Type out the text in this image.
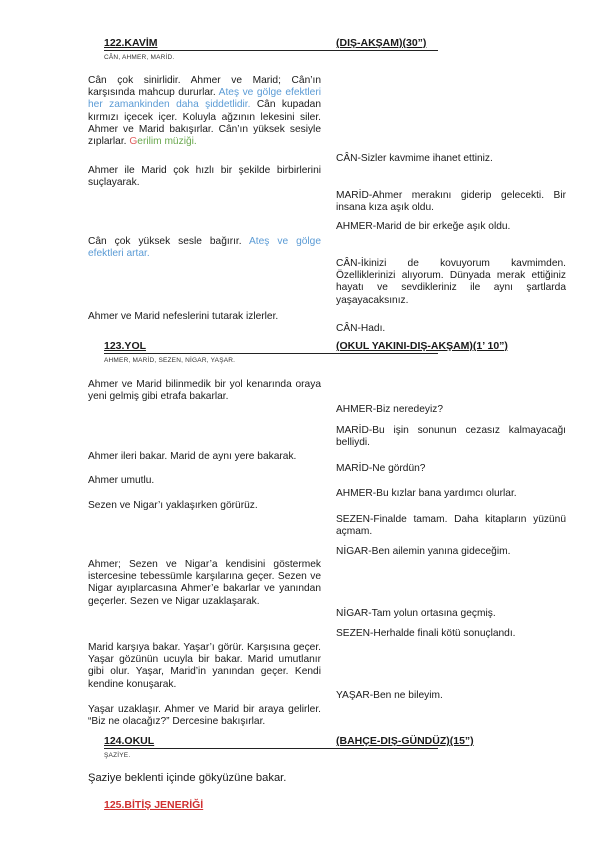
122.KAVİM	(DIŞ-AKŞAM)(30”)
CÂN, AHMER, MARİD.
Cân çok sinirlidir. Ahmer ve Marid; Cân’ın karşısında mahcup dururlar. Ateş ve gölge efektleri her zamankinden daha şiddetlidir. Cân kupadan kırmızı içecek içer. Koluyla ağzının lekesini siler. Ahmer ve Marid bakışırlar. Cân’ın yüksek sesiyle zıplarlar. Gerilim müziği.
Ahmer ile Marid çok hızlı bir şekilde birbirlerini suçlayarak.
Cân çok yüksek sesle bağırır. Ateş ve gölge efektleri artar.
Ahmer ve Marid nefeslerini tutarak izlerler.
CÂN-Sizler kavmime ihanet ettiniz.
MARİD-Ahmer merakını giderip gelecekti. Bir insana kıza aşık oldu.
AHMER-Marid de bir erkeğe aşık oldu.
CÂN-İkinizi de kovuyorum kavmimden. Özelliklerinizi alıyorum. Dünyada merak ettiğiniz hayatı ve sevdikleriniz ile aynı şartlarda yaşayacaksınız.
CÂN-Hadı.
123.YOL	(OKUL YAKINI-DIŞ-AKŞAM)(1’ 10”)
AHMER, MARİD, SEZEN, NİGAR, YAŞAR.
Ahmer ve Marid bilinmedik bir yol kenarında oraya yeni gelmiş gibi etrafa bakarlar.
Ahmer ileri bakar. Marid de aynı yere bakarak.
Ahmer umutlu.
Sezen ve Nigar’ı yaklaşırken görürüz.
Ahmer; Sezen ve Nigar’a kendisini göstermek istercesine tebessümle karşılarına geçer. Sezen ve Nigar ayıplarcasına Ahmer’e bakarlar ve yanından geçerler. Sezen ve Nigar uzaklaşarak.
Marid karşıya bakar. Yaşar’ı görür. Karşısına geçer. Yaşar gözünün ucuyla bir bakar. Marid umutlanır gibi olur. Yaşar, Marid’in yanından geçer. Kendi kendine konuşarak.
Yaşar uzaklaşır. Ahmer ve Marid bir araya gelirler. “Biz ne olacağız?” Dercesine bakışırlar.
AHMER-Biz neredeyiz?
MARİD-Bu işin sonunun cezasız kalmayacağı belliydi.
MARİD-Ne gördün?
AHMER-Bu kızlar bana yardımcı olurlar.
SEZEN-Finalde tamam. Daha kitapların yüzünü açmam.
NİGAR-Ben ailemin yanına gideceğim.
NİGAR-Tam yolun ortasına geçmiş.
SEZEN-Herhalde finali kötü sonuçlandı.
YAŞAR-Ben ne bileyim.
124.OKUL	(BAHÇE-DIŞ-GÜNDÜZ)(15”)
ŞAZİYE.
Şaziye beklenti içinde gökyüzüne bakar.
125.BİTİŞ JENERİĞİ
